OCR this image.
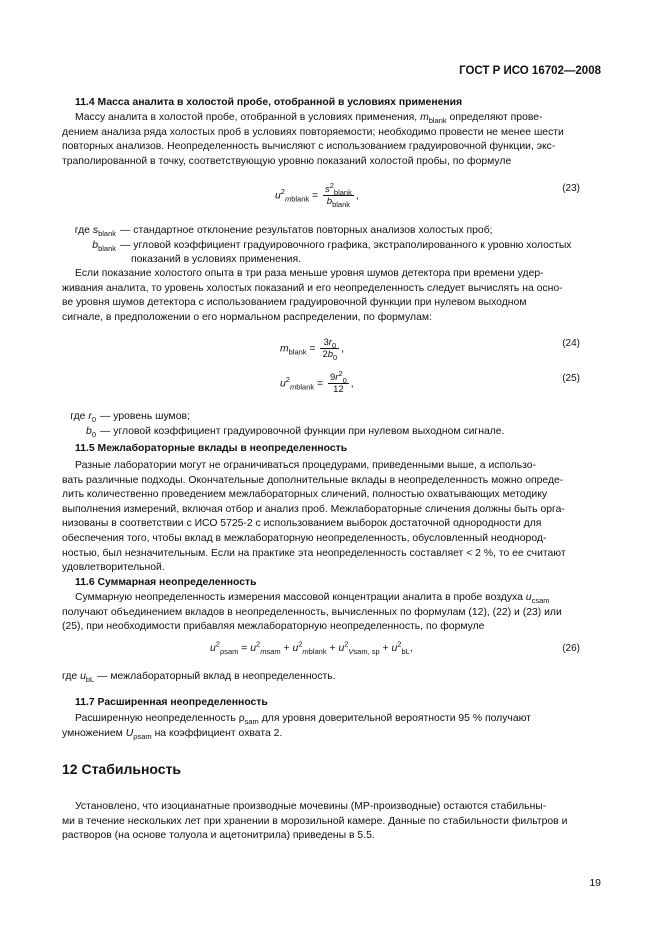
ГОСТ Р ИСО 16702—2008
11.4 Масса аналита в холостой пробе, отобранной в условиях применения
Массу аналита в холостой пробе, отобранной в условиях применения, $m_{blank}$ определяют прове-
дением анализа ряда холостых проб в условиях повторяемости; необходимо провести не менее шести
повторных анализов. Неопределенность вычисляют с использованием градуировочной функции, экс-
траполированной в точку, соответствующую уровню показаний холостой пробы, по формуле
$u^2_{mblank} = \frac{s^2_{blank}}{b_{blank}}$ ,
(23)
где $s_{blank}$ — стандартное отклонение результатов повторных анализов холостых проб;
$b_{blank}$ — угловой коэффициент градуировочного графика, экстраполированного к уровню холостых
показаний в условиях применения.
Если показание холостого опыта в три раза меньше уровня шумов детектора при времени удер-
живания аналита, то уровень холостых показаний и его неопределенность следует вычислять на осно-
ве уровня шумов детектора с использованием градуировочной функции при нулевом выходном
сигнале, в предположении о его нормальном распределении, по формулам:
$m_{blank} = \frac{3r_0}{2b_0}$ ,	(24)
$u^2_{mblank} = \frac{9r^2_0}{12}$ ,	(25)
где $r_0$ — уровень шумов;
$b_0$ — угловой коэффициент градуировочной функции при нулевом выходном сигнале.
11.5 Межлабораторные вклады в неопределенность
Разные лаборатории могут не ограничиваться процедурами, приведенными выше, а использо-
вать различные подходы. Окончательные дополнительные вклады в неопределенность можно опреде-
лить количественно проведением межлабораторных сличений, полностью охватывающих методику
выполнения измерений, включая отбор и анализ проб. Межлабораторные сличения должны быть орга-
низованы в соответствии с ИСО 5725-2 с использованием выборок достаточной однородности для
обеспечения того, чтобы вклад в межлабораторную неопределенность, обусловленный неоднород-
ностью, был незначительным. Если на практике эта неопределенность составляет < 2 %, то ее считают
удовлетворительной.
11.6 Суммарная неопределенность
Суммарную неопределенность измерения массовой концентрации аналита в пробе воздуха $u_{csam}$
получают объединением вкладов в неопределенность, вычисленных по формулам (12), (22) и (23) или
(25), при необходимости прибавляя межлабораторную неопределенность, по формуле
$u^2_{\rho sam} = u^2_{msam} + u^2_{mblank} + u^2_{Vsam, sp} + u^2_{bL}$,	(26)
где $u_{bL}$ — межлабораторный вклад в неопределенность.
11.7 Расширенная неопределенность
Расширенную неопределенность $\rho_{sam}$ для уровня доверительной вероятности 95 % получают
умножением $U_{\rho sam}$ на коэффициент охвата 2.
12 Стабильность
Установлено, что изоцианатные производные мочевины (МР-производные) остаются стабильны-
ми в течение нескольких лет при хранении в морозильной камере. Данные по стабильности фильтров и
растворов (на основе толуола и ацетонитрила) приведены в 5.5.
19
